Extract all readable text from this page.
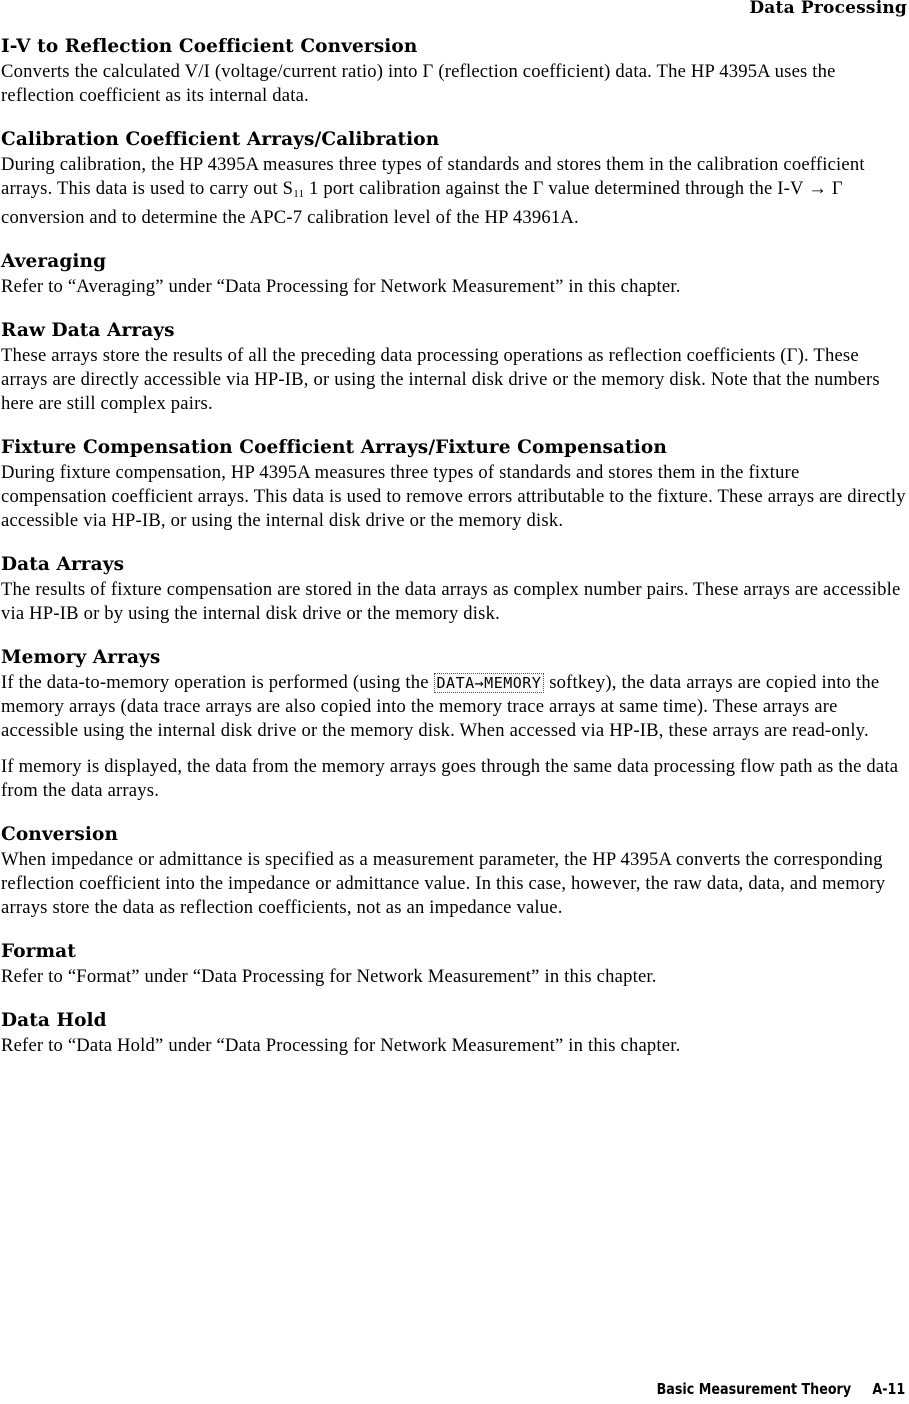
Data Processing
I-V to Reflection Coefficient Conversion

Converts the calculated V/I (voltage/current ratio) into Γ (reflection coefficient) data. The HP 4395A uses the reflection coefficient as its internal data.

Calibration Coefficient Arrays/Calibration

During calibration, the HP 4395A measures three types of standards and stores them in the calibration coefficient arrays. This data is used to carry out $S_{11}$ 1 port calibration against the Γ value determined through the I-V → Γ conversion and to determine the APC-7 calibration level of the HP 43961A.

Averaging

Refer to “Averaging” under “Data Processing for Network Measurement” in this chapter.

Raw Data Arrays

These arrays store the results of all the preceding data processing operations as reflection coefficients (Γ). These arrays are directly accessible via HP-IB, or using the internal disk drive or the memory disk. Note that the numbers here are still complex pairs.

Fixture Compensation Coefficient Arrays/Fixture Compensation

During fixture compensation, HP 4395A measures three types of standards and stores them in the fixture compensation coefficient arrays. This data is used to remove errors attributable to the fixture. These arrays are directly accessible via HP-IB, or using the internal disk drive or the memory disk.

Data Arrays

The results of fixture compensation are stored in the data arrays as complex number pairs. These arrays are accessible via HP-IB or by using the internal disk drive or the memory disk.

Memory Arrays

If the data-to-memory operation is performed (using the DATA→MEMORY softkey), the data arrays are copied into the memory arrays (data trace arrays are also copied into the memory trace arrays at same time). These arrays are accessible using the internal disk drive or the memory disk. When accessed via HP-IB, these arrays are read-only.

If memory is displayed, the data from the memory arrays goes through the same data processing flow path as the data from the data arrays.

Conversion

When impedance or admittance is specified as a measurement parameter, the HP 4395A converts the corresponding reflection coefficient into the impedance or admittance value. In this case, however, the raw data, data, and memory arrays store the data as reflection coefficients, not as an impedance value.

Format

Refer to “Format” under “Data Processing for Network Measurement” in this chapter.

Data Hold

Refer to “Data Hold” under “Data Processing for Network Measurement” in this chapter.

Basic Measurement Theory A-11
